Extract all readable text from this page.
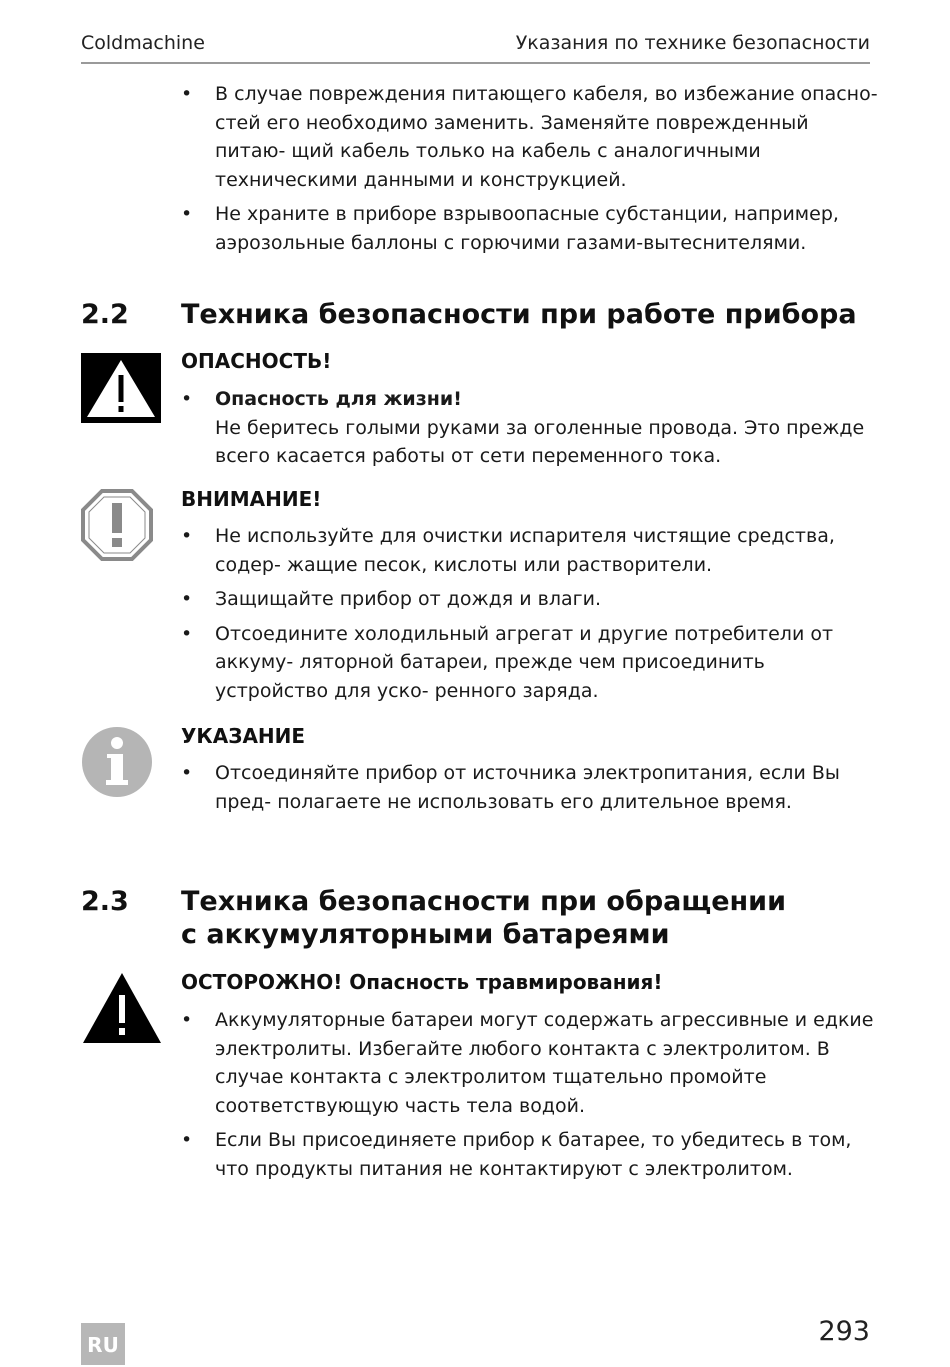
Coldmachine	Указания по технике безопасности
• В случае повреждения питающего кабеля, во избежание опасно- стей его необходимо заменить. Заменяйте поврежденный питаю- щий кабель только на кабель с аналогичными техническими данными и конструкцией.
• Не храните в приборе взрывоопасные субстанции, например, аэрозольные баллоны с горючими газами-вытеснителями.
2.2 Техника безопасности при работе прибора
ОПАСНОСТЬ!
• Опасность для жизни!
Не беритесь голыми руками за оголенные провода. Это прежде всего касается работы от сети переменного тока.
ВНИМАНИЕ!
• Не используйте для очистки испарителя чистящие средства, содер- жащие песок, кислоты или растворители.
• Защищайте прибор от дождя и влаги.
• Отсоедините холодильный агрегат и другие потребители от аккуму- ляторной батареи, прежде чем присоединить устройство для уско- ренного заряда.
УКАЗАНИЕ
• Отсоединяйте прибор от источника электропитания, если Вы пред- полагаете не использовать его длительное время.
2.3 Техника безопасности при обращении
с аккумуляторными батареями
ОСТОРОЖНО! Опасность травмирования!
• Аккумуляторные батареи могут содержать агрессивные и едкие электролиты. Избегайте любого контакта с электролитом. В случае контакта с электролитом тщательно промойте соответствующую часть тела водой.
• Если Вы присоединяете прибор к батарее, то убедитесь в том, что продукты питания не контактируют с электролитом.
RU	293
